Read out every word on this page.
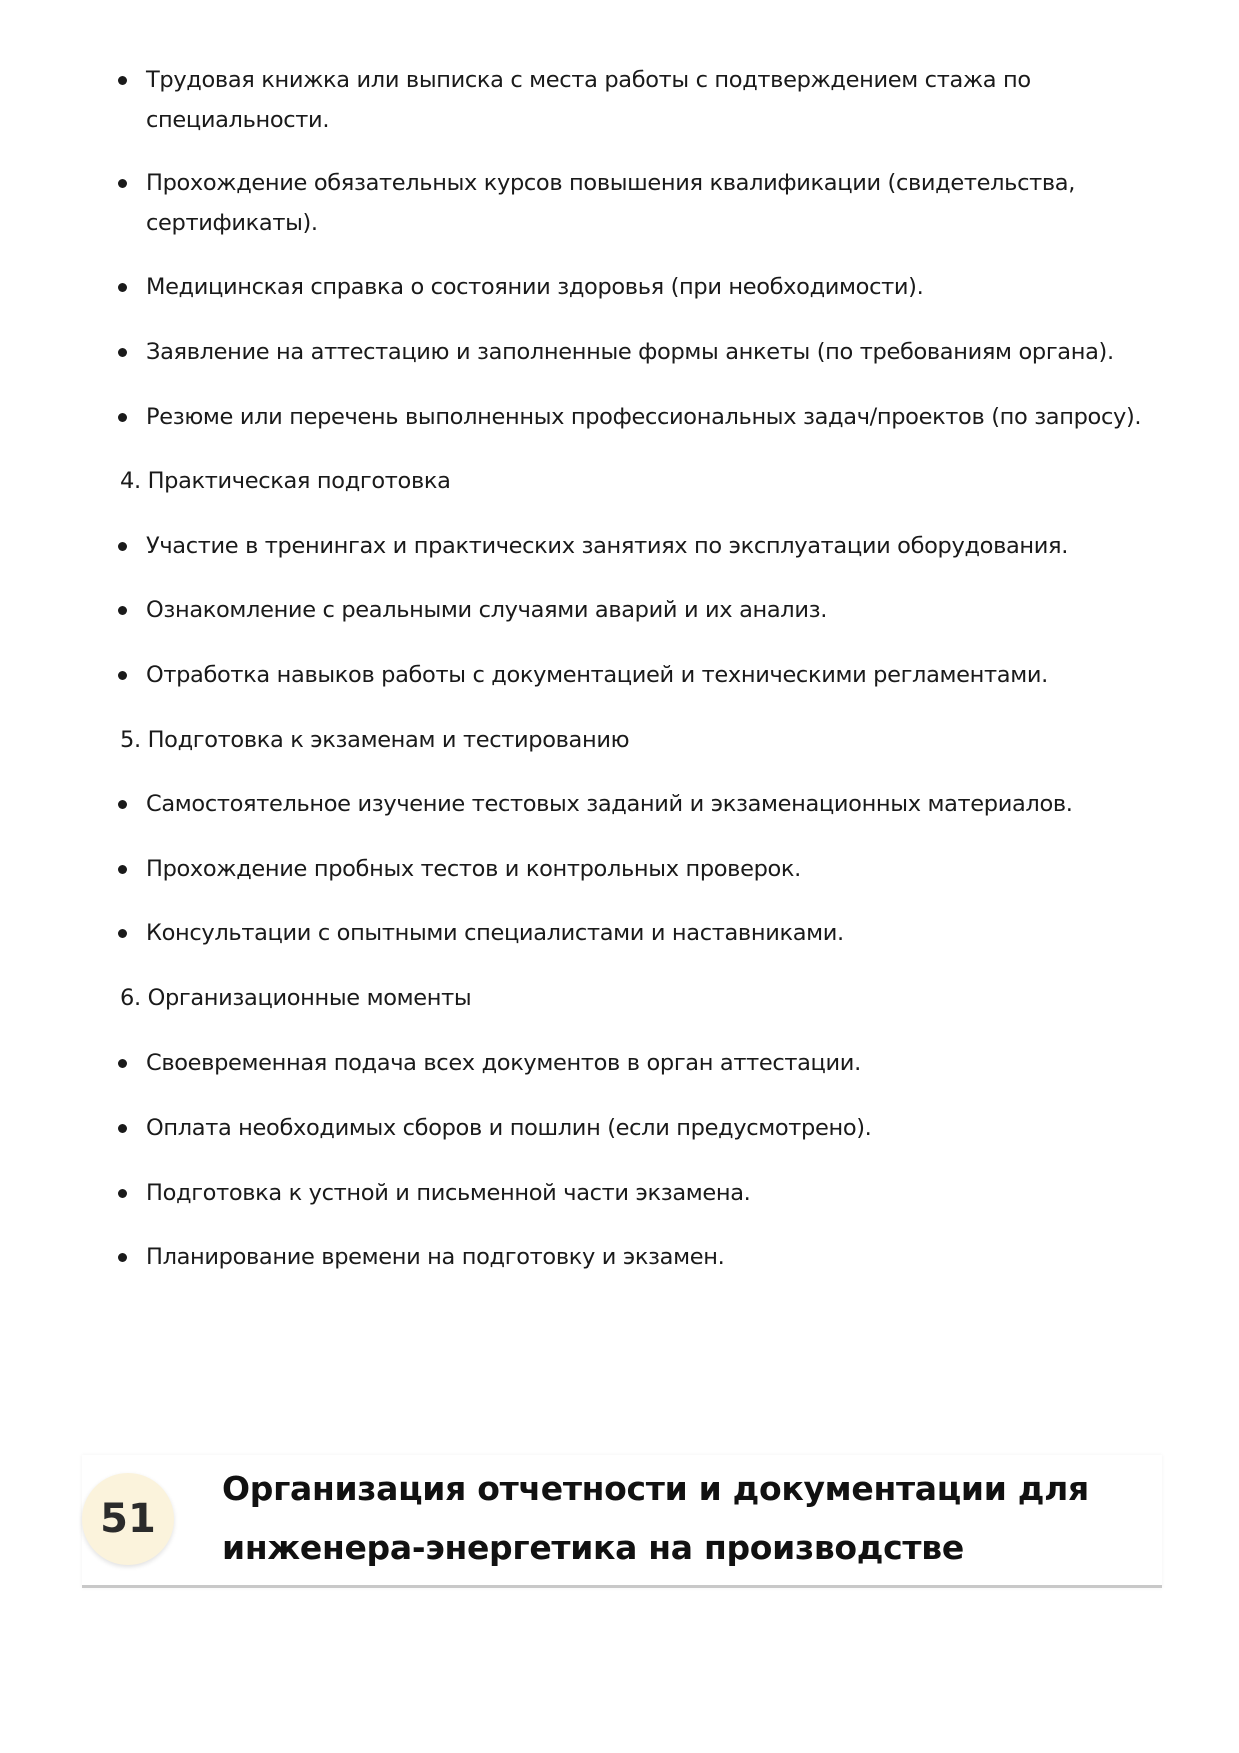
Трудовая книжка или выписка с места работы с подтверждением стажа по
специальности.
Прохождение обязательных курсов повышения квалификации (свидетельства,
сертификаты).
Медицинская справка о состоянии здоровья (при необходимости).
Заявление на аттестацию и заполненные формы анкеты (по требованиям органа).
Резюме или перечень выполненных профессиональных задач/проектов (по запросу).
4. Практическая подготовка
Участие в тренингах и практических занятиях по эксплуатации оборудования.
Ознакомление с реальными случаями аварий и их анализ.
Отработка навыков работы с документацией и техническими регламентами.
5. Подготовка к экзаменам и тестированию
Самостоятельное изучение тестовых заданий и экзаменационных материалов.
Прохождение пробных тестов и контрольных проверок.
Консультации с опытными специалистами и наставниками.
6. Организационные моменты
Своевременная подача всех документов в орган аттестации.
Оплата необходимых сборов и пошлин (если предусмотрено).
Подготовка к устной и письменной части экзамена.
Планирование времени на подготовку и экзамен.
51
Организация отчетности и документации для
инженера-энергетика на производстве
